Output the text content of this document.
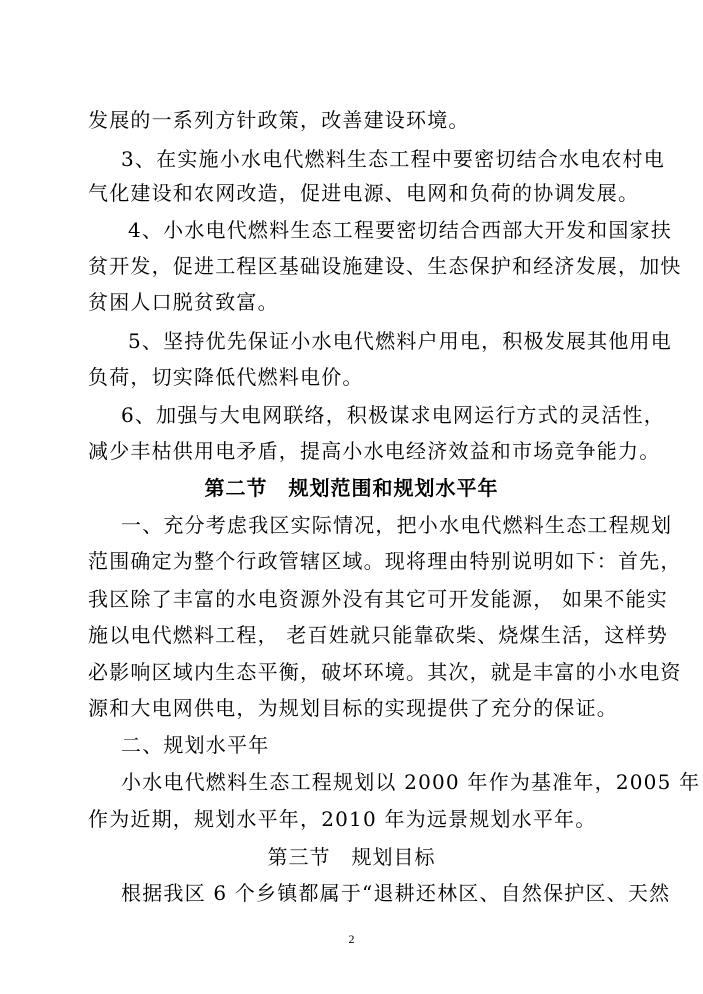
发展的一系列方针政策，改善建设环境。
3、在实施小水电代燃料生态工程中要密切结合水电农村电
气化建设和农网改造，促进电源、电网和负荷的协调发展。
4、小水电代燃料生态工程要密切结合西部大开发和国家扶
贫开发，促进工程区基础设施建设、生态保护和经济发展，加快
贫困人口脱贫致富。
5、坚持优先保证小水电代燃料户用电，积极发展其他用电
负荷，切实降低代燃料电价。
6、加强与大电网联络，积极谋求电网运行方式的灵活性，
减少丰枯供用电矛盾，提高小水电经济效益和市场竞争能力。
第二节　规划范围和规划水平年
一、充分考虑我区实际情况，把小水电代燃料生态工程规划
范围确定为整个行政管辖区域。现将理由特别说明如下：首先，
我区除了丰富的水电资源外没有其它可开发能源， 如果不能实
施以电代燃料工程， 老百姓就只能靠砍柴、烧煤生活，这样势
必影响区域内生态平衡，破坏环境。其次，就是丰富的小水电资
源和大电网供电，为规划目标的实现提供了充分的保证。
二、规划水平年
小水电代燃料生态工程规划以 2000 年作为基准年，2005 年
作为近期，规划水平年，2010 年为远景规划水平年。
第三节　规划目标
根据我区 6 个乡镇都属于“退耕还林区、自然保护区、天然
2
